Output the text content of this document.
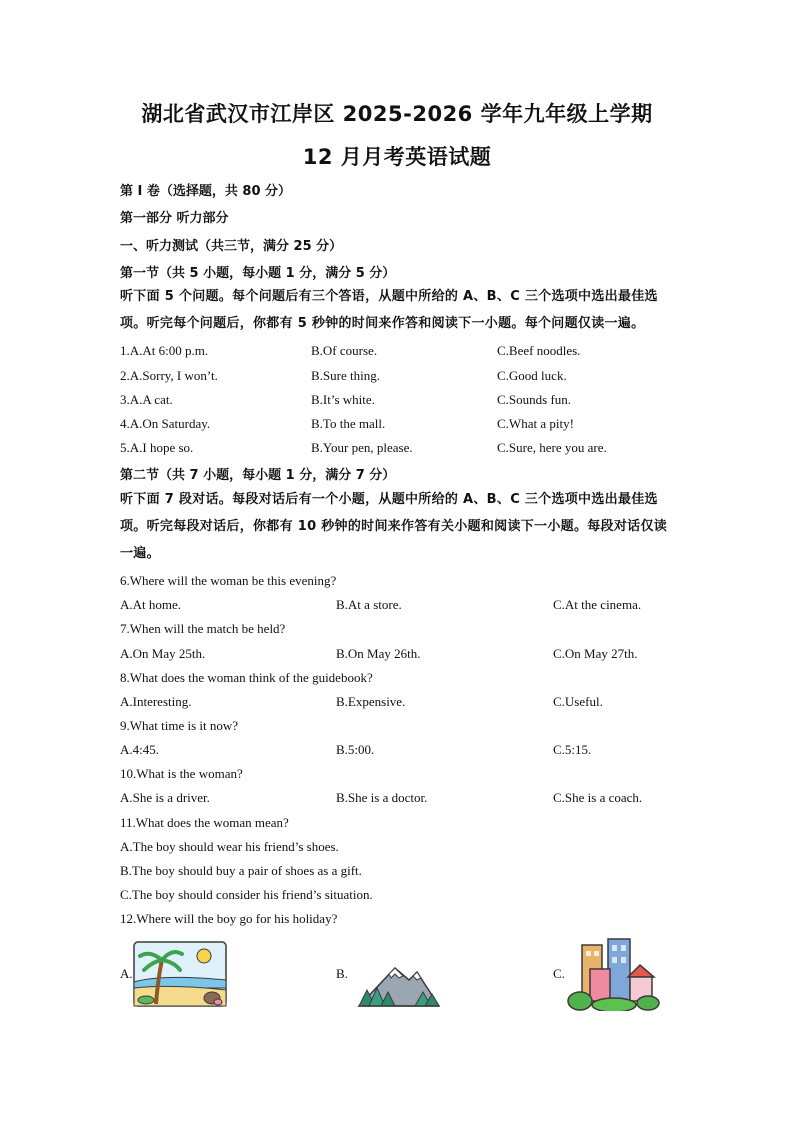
湖北省武汉市江岸区 2025-2026 学年九年级上学期
12 月月考英语试题
第 I 卷（选择题，共 80 分）
第一部分 听力部分
一、听力测试（共三节，满分 25 分）
第一节（共 5 小题，每小题 1 分，满分 5 分）
听下面 5 个问题。每个问题后有三个答语，从题中所给的 A、B、C 三个选项中选出最佳选项。听完每个问题后，你都有 5 秒钟的时间来作答和阅读下一小题。每个问题仅读一遍。
1.A.At 6:00 p.m.	B.Of course.	C.Beef noodles.
2.A.Sorry, I won’t.	B.Sure thing.	C.Good luck.
3.A.A cat.	B.It’s white.	C.Sounds fun.
4.A.On Saturday.	B.To the mall.	C.What a pity!
5.A.I hope so.	B.Your pen, please.	C.Sure, here you are.
第二节（共 7 小题，每小题 1 分，满分 7 分）
听下面 7 段对话。每段对话后有一个小题，从题中所给的 A、B、C 三个选项中选出最佳选项。听完每段对话后，你都有 10 秒钟的时间来作答有关小题和阅读下一小题。每段对话仅读一遍。
6.Where will the woman be this evening?
A.At home.	B.At a store.	C.At the cinema.
7.When will the match be held?
A.On May 25th.	B.On May 26th.	C.On May 27th.
8.What does the woman think of the guidebook?
A.Interesting.	B.Expensive.	C.Useful.
9.What time is it now?
A.4:45.	B.5:00.	C.5:15.
10.What is the woman?
A.She is a driver.	B.She is a doctor.	C.She is a coach.
11.What does the woman mean?
A.The boy should wear his friend’s shoes.
B.The boy should buy a pair of shoes as a gift.
C.The boy should consider his friend’s situation.
12.Where will the boy go for his holiday?
A.	B.	C.
